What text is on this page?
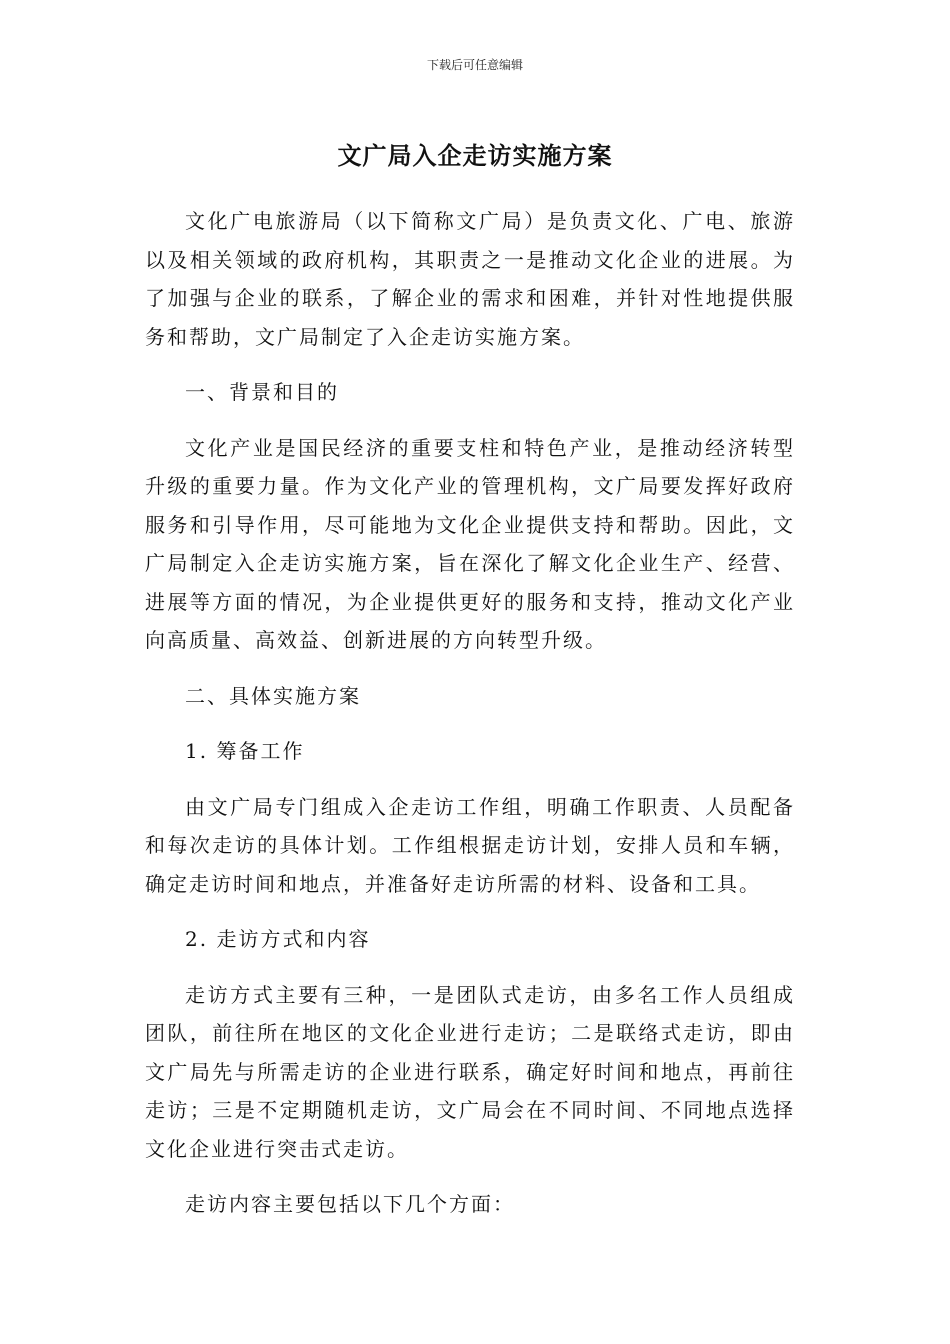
下载后可任意编辑
文广局入企走访实施方案

文化广电旅游局（以下简称文广局）是负责文化、广电、旅游以及相关领域的政府机构，其职责之一是推动文化企业的进展。为了加强与企业的联系，了解企业的需求和困难，并针对性地提供服务和帮助，文广局制定了入企走访实施方案。

一、背景和目的

文化产业是国民经济的重要支柱和特色产业，是推动经济转型升级的重要力量。作为文化产业的管理机构，文广局要发挥好政府服务和引导作用，尽可能地为文化企业提供支持和帮助。因此，文广局制定入企走访实施方案，旨在深化了解文化企业生产、经营、进展等方面的情况，为企业提供更好的服务和支持，推动文化产业向高质量、高效益、创新进展的方向转型升级。

二、具体实施方案

1. 筹备工作

由文广局专门组成入企走访工作组，明确工作职责、人员配备和每次走访的具体计划。工作组根据走访计划，安排人员和车辆，确定走访时间和地点，并准备好走访所需的材料、设备和工具。

2. 走访方式和内容

走访方式主要有三种，一是团队式走访，由多名工作人员组成团队，前往所在地区的文化企业进行走访；二是联络式走访，即由文广局先与所需走访的企业进行联系，确定好时间和地点，再前往走访；三是不定期随机走访，文广局会在不同时间、不同地点选择文化企业进行突击式走访。

走访内容主要包括以下几个方面：
